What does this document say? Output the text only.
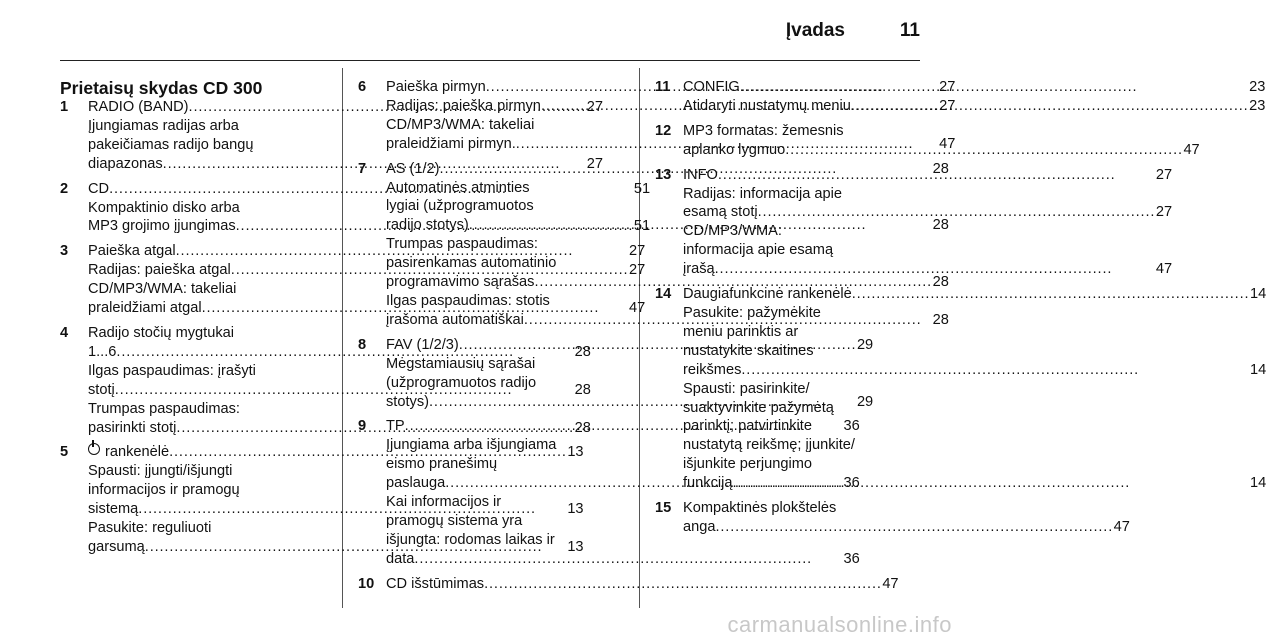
Įvadas	11
Prietaisų skydas CD 300
1	RADIO (BAND) . . .	27
Įjungiamas radijas arba
pakeičiamas radijo bangų
diapazonas . . .	27
2	CD . . .	51
Kompaktinio disko arba
MP3 grojimo įjungimas . . .	51
3	Paieška atgal . . .	27
Radijas: paieška atgal . . .	27
CD/MP3/WMA: takeliai
praleidžiami atgal . . .	47
4	Radijo stočių mygtukai
1...6 . . .	28
Ilgas paspaudimas: įrašyti
stotį . . .	28
Trumpas paspaudimas:
pasirinkti stotį . . .	28
5	rankenėlė . . .	13
Spausti: įjungti/išjungti
informacijos ir pramogų
sistemą . . .	13
Pasukite: reguliuoti
garsumą . . .	13
6	Paieška pirmyn . . .	27
Radijas: paieška pirmyn . . .	27
CD/MP3/WMA: takeliai
praleidžiami pirmyn. . . .	47
7	AS (1/2) . . .	28
Automatinės atminties
lygiai (užprogramuotos
radijo stotys) . . .	28
Trumpas paspaudimas:
pasirenkamas automatinio
programavimo sąrašas . . .	28
Ilgas paspaudimas: stotis
įrašoma automatiškai . . .	28
8	FAV (1/2/3) . . .	29
Mėgstamiausių sąrašai
(užprogramuotos radijo
stotys) . . .	29
9	TP . . .	36
Įjungiama arba išjungiama
eismo pranešimų
paslauga . . .	36
Kai informacijos ir
pramogų sistema yra
išjungta: rodomas laikas ir
data . . .	36
10 CD išstūmimas . . .	47
11 CONFIG . . .	23
Atidaryti nustatymų meniu . . .	23
12 MP3 formatas: žemesnis
aplanko lygmuo . . .	47
13 INFO . . .	27
Radijas: informacija apie
esamą stotį . . .	27
CD/MP3/WMA:
informacija apie esamą
įrašą . . .	47
14 Daugiafunkcinė rankenėlė . . .	14
Pasukite: pažymėkite
meniu parinktis ar
nustatykite skaitines
reikšmes . . .	14
Spausti: pasirinkite/
suaktyvinkite pažymėtą
parinktį; patvirtinkite
nustatytą reikšmę; įjunkite/
išjunkite perjungimo
funkciją . . .	14
15 Kompaktinės plokštelės
anga . . .	47
carmanualsonline.info
